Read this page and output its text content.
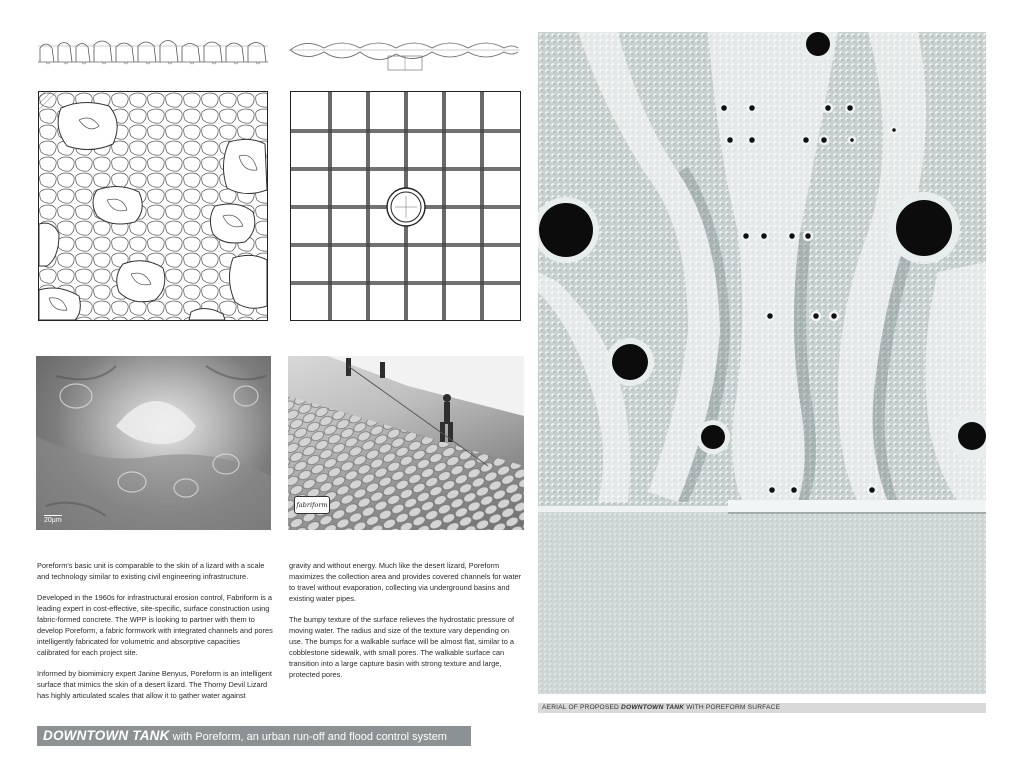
20µm
fabriform
AERIAL OF PROPOSED DOWNTOWN TANK WITH POREFORM SURFACE

Poreform's basic unit is comparable to the skin of a lizard with a scale and technology similar to existing civil engineering infrastructure.

Developed in the 1960s for infrastructural erosion control, Fabriform is a leading expert in cost-effective, site-specific, surface construction using fabric-formed concrete. The WPP is looking to partner with them to develop Poreform, a fabric formwork with integrated channels and pores intelligently fabricated for volumetric and absorptive capacities calibrated for each project site.

Informed by biomimicry expert Janine Benyus, Poreform is an intelligent surface that mimics the skin of a desert lizard. The Thorny Devil Lizard has highly articulated scales that allow it to gather water against

gravity and without energy. Much like the desert lizard, Poreform maximizes the collection area and provides covered channels for water to travel without evaporation, collecting via underground basins and existing water pipes.

The bumpy texture of the surface relieves the hydrostatic pressure of moving water. The radius and size of the texture vary depending on use. The bumps for a walkable surface will be almost flat, similar to a cobblestone sidewalk, with small pores. The walkable surface can transition into a large capture basin with strong texture and large, protected pores.

DOWNTOWN TANK with Poreform, an urban run-off and flood control system
